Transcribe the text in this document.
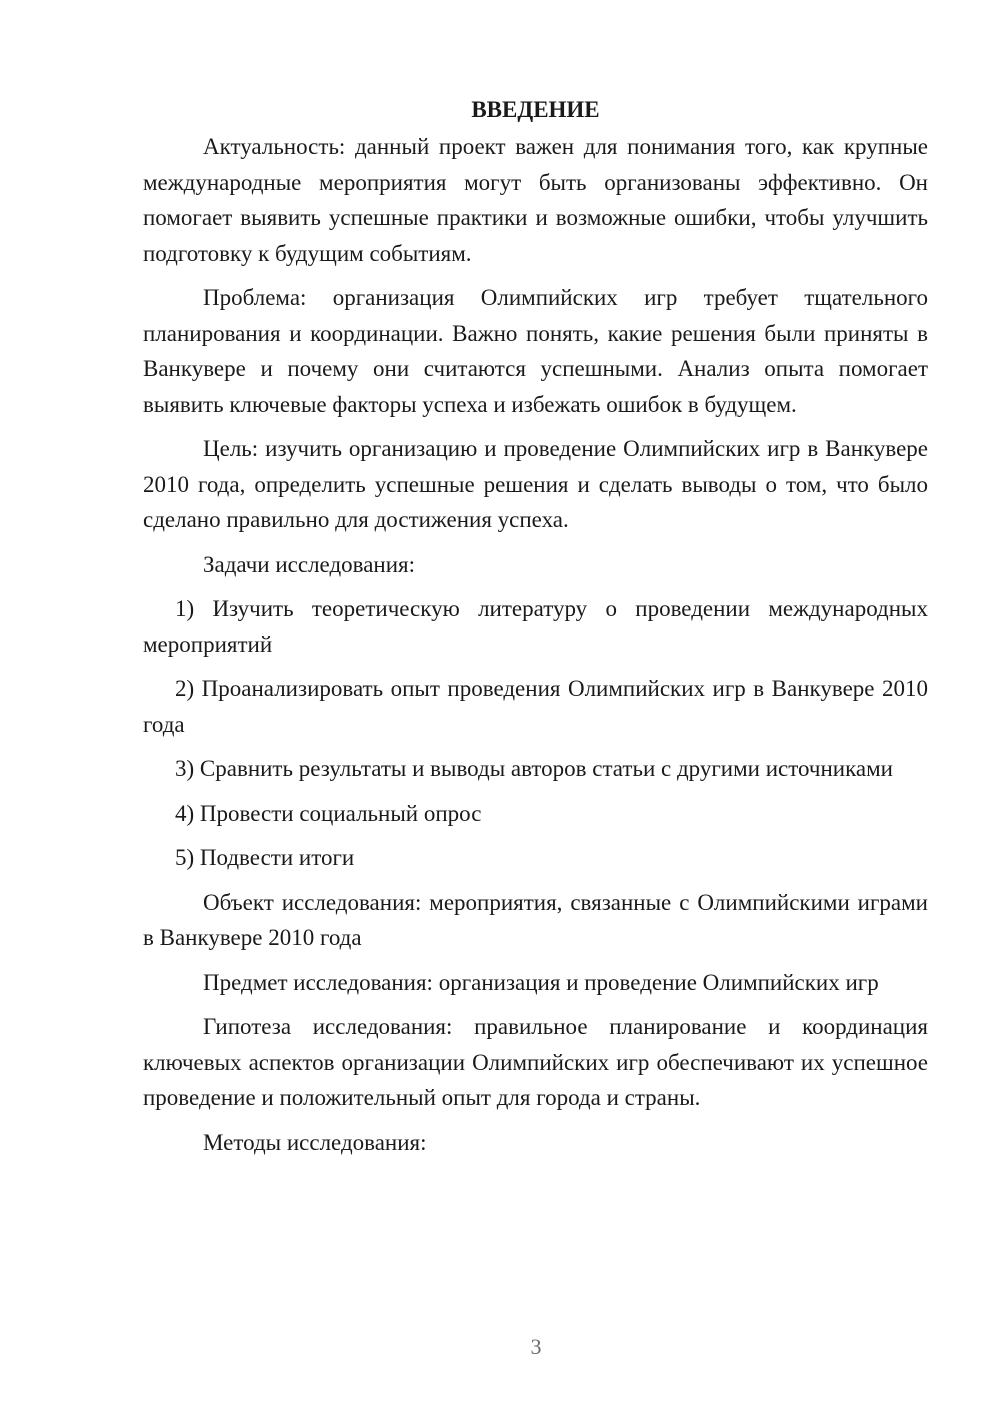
ВВЕДЕНИЕ

Актуальность: данный проект важен для понимания того, как крупные международные мероприятия могут быть организованы эффективно. Он помогает выявить успешные практики и возможные ошибки, чтобы улучшить подготовку к будущим событиям.

Проблема: организация Олимпийских игр требует тщательного планирования и координации. Важно понять, какие решения были приняты в Ванкувере и почему они считаются успешными. Анализ опыта помогает выявить ключевые факторы успеха и избежать ошибок в будущем.

Цель: изучить организацию и проведение Олимпийских игр в Ванкувере 2010 года, определить успешные решения и сделать выводы о том, что было сделано правильно для достижения успеха.

Задачи исследования:

1) Изучить теоретическую литературу о проведении международных мероприятий

2) Проанализировать опыт проведения Олимпийских игр в Ванкувере 2010 года

3) Сравнить результаты и выводы авторов статьи с другими источниками

4) Провести социальный опрос

5) Подвести итоги

Объект исследования: мероприятия, связанные с Олимпийскими играми в Ванкувере 2010 года

Предмет исследования: организация и проведение Олимпийских игр

Гипотеза исследования: правильное планирование и координация ключевых аспектов организации Олимпийских игр обеспечивают их успешное проведение и положительный опыт для города и страны.

Методы исследования:

3
